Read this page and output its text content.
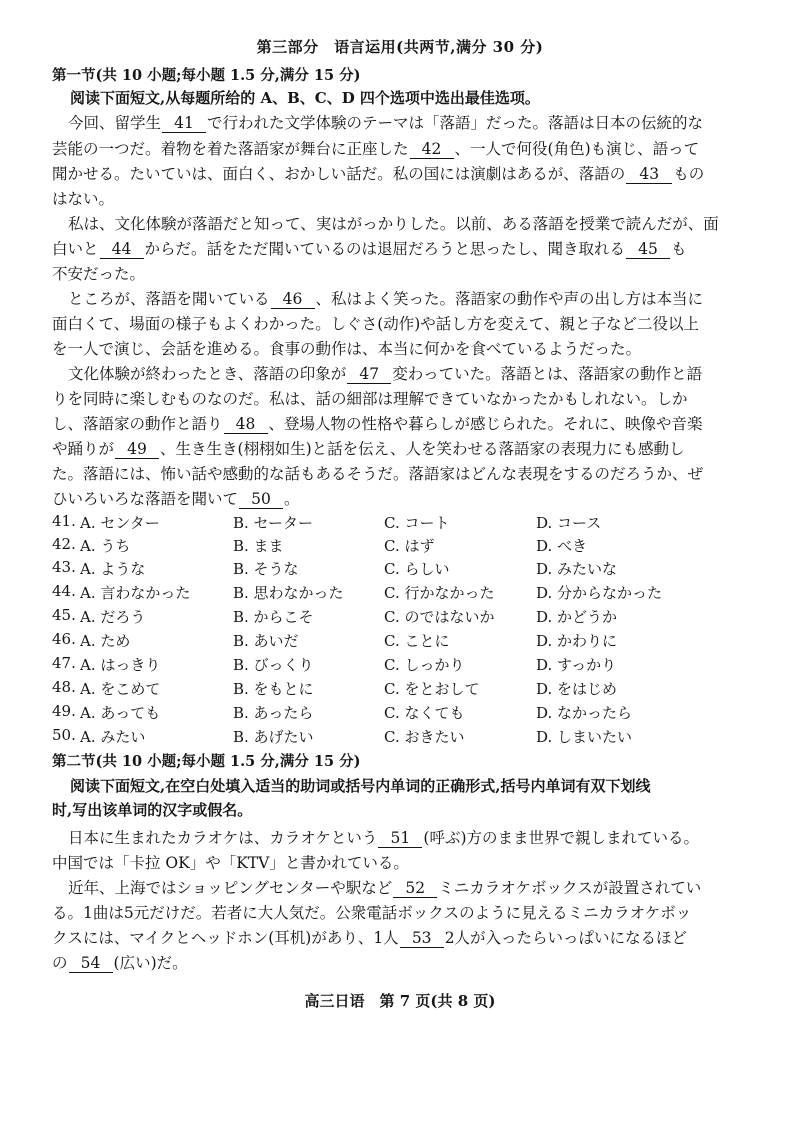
第三部分　语言运用(共两节,满分 30 分)
第一节(共 10 小题;每小题 1.5 分,满分 15 分)
阅读下面短文,从每题所给的 A、B、C、D 四个选项中选出最佳选项。
今回、留学生 41 で行われた文学体験のテーマは「落語」だった。落語は日本の伝統的な
芸能の一つだ。着物を着た落語家が舞台に正座した 42 、一人で何役(角色)も演じ、語って
聞かせる。たいていは、面白く、おかしい話だ。私の国には演劇はあるが、落語の 43 もの
はない。
私は、文化体験が落語だと知って、実はがっかりした。以前、ある落語を授業で読んだが、面
白いと 44 からだ。話をただ聞いているのは退屈だろうと思ったし、聞き取れる 45 も
不安だった。
ところが、落語を聞いている 46 、私はよく笑った。落語家の動作や声の出し方は本当に
面白くて、場面の様子もよくわかった。しぐさ(动作)や話し方を変えて、親と子など二役以上
を一人で演じ、会話を進める。食事の動作は、本当に何かを食べているようだった。
文化体験が終わったとき、落語の印象が 47 変わっていた。落語とは、落語家の動作と語
りを同時に楽しむものなのだ。私は、話の細部は理解できていなかったかもしれない。しか
し、落語家の動作と語り 48 、登場人物の性格や暮らしが感じられた。それに、映像や音楽
や踊りが 49 、生き生き(栩栩如生)と話を伝え、人を笑わせる落語家の表現力にも感動し
た。落語には、怖い話や感動的な話もあるそうだ。落語家はどんな表現をするのだろうか、ぜ
ひいろいろな落語を聞いて 50 。
41. A. センター	B. セーター	C. コート	D. コース
42. A. うち	B. まま	C. はず	D. べき
43. A. ような	B. そうな	C. らしい	D. みたいな
44. A. 言わなかった	B. 思わなかった	C. 行かなかった	D. 分からなかった
45. A. だろう	B. からこそ	C. のではないか	D. かどうか
46. A. ため	B. あいだ	C. ことに	D. かわりに
47. A. はっきり	B. びっくり	C. しっかり	D. すっかり
48. A. をこめて	B. をもとに	C. をとおして	D. をはじめ
49. A. あっても	B. あったら	C. なくても	D. なかったら
50. A. みたい	B. あげたい	C. おきたい	D. しまいたい
第二节(共 10 小题;每小题 1.5 分,满分 15 分)
阅读下面短文,在空白处填入适当的助词或括号内单词的正确形式,括号内单词有双下划线
时,写出该单词的汉字或假名。
日本に生まれたカラオケは、カラオケという 51 (呼ぶ)方のまま世界で親しまれている。
中国では「卡拉 OK」や「KTV」と書かれている。
近年、上海ではショッピングセンターや駅など 52 ミニカラオケボックスが設置されてい
る。1曲は5元だけだ。若者に大人気だ。公衆電話ボックスのように見えるミニカラオケボッ
クスには、マイクとヘッドホン(耳机)があり、1人 53 2人が入ったらいっぱいになるほど
の 54 (広い)だ。
高三日语　第 7 页(共 8 页)
